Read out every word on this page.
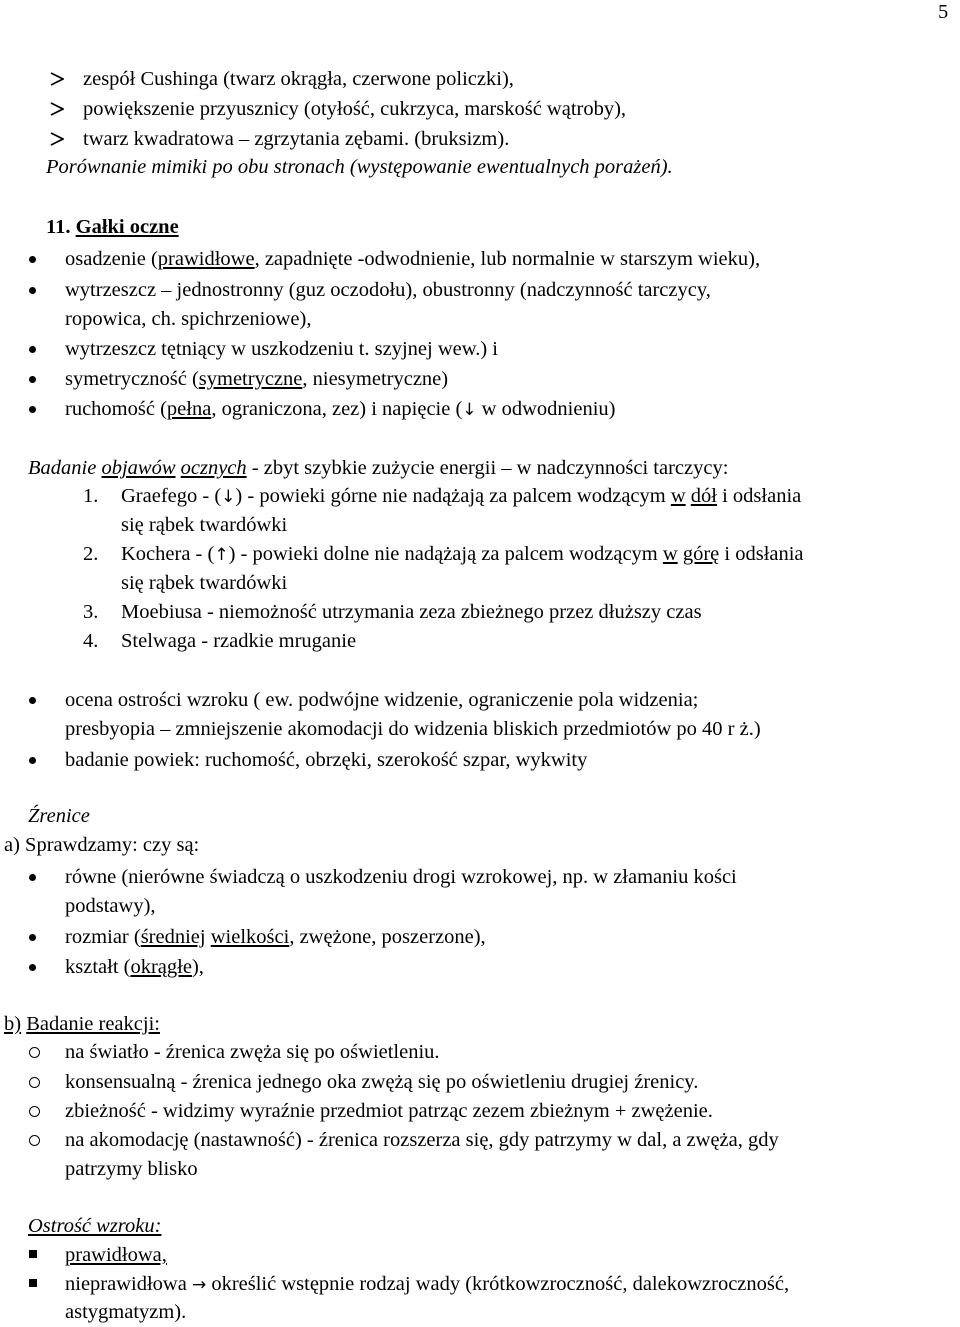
5
zespół Cushinga (twarz okrągła, czerwone policzki),
powiększenie przyusznicy (otyłość, cukrzyca, marskość wątroby),
twarz kwadratowa – zgrzytania zębami. (bruksizm).
Porównanie mimiki po obu stronach (występowanie ewentualnych porażeń).
11. Gałki oczne
osadzenie (prawidłowe, zapadnięte -odwodnienie, lub normalnie w starszym wieku),
wytrzeszcz – jednostronny (guz oczodołu), obustronny (nadczynność tarczycy,
ropowica, ch. spichrzeniowe),
wytrzeszcz tętniący w uszkodzeniu t. szyjnej wew.) i
symetryczność (symetryczne, niesymetryczne)
ruchomość (pełna, ograniczona, zez) i napięcie (↓ w odwodnieniu)
Badanie objawów ocznych - zbyt szybkie zużycie energii – w nadczynności tarczycy:
1. Graefego - (↓) - powieki górne nie nadążają za palcem wodzącym w dół i odsłania
się rąbek twardówki
2. Kochera - (↑) - powieki dolne nie nadążają za palcem wodzącym w górę i odsłania
się rąbek twardówki
3. Moebiusa - niemożność utrzymania zeza zbieżnego przez dłuższy czas
4. Stelwaga - rzadkie mruganie
ocena ostrości wzroku ( ew. podwójne widzenie, ograniczenie pola widzenia;
presbyopia – zmniejszenie akomodacji do widzenia bliskich przedmiotów po 40 r ż.)
badanie powiek: ruchomość, obrzęki, szerokość szpar, wykwity
Źrenice
a) Sprawdzamy: czy są:
równe (nierówne świadczą o uszkodzeniu drogi wzrokowej, np. w złamaniu kości
podstawy),
rozmiar (średniej wielkości, zwężone, poszerzone),
kształt (okrągłe),
b) Badanie reakcji:
na światło - źrenica zwęża się po oświetleniu.
konsensualną - źrenica jednego oka zwężą się po oświetleniu drugiej źrenicy.
zbieżność - widzimy wyraźnie przedmiot patrząc zezem zbieżnym + zwężenie.
na akomodację (nastawność) - źrenica rozszerza się, gdy patrzymy w dal, a zwęża, gdy
patrzymy blisko
Ostrość wzroku:
prawidłowa,
nieprawidłowa → określić wstępnie rodzaj wady (krótkowzroczność, dalekowzroczność,
astygmatyzm).
